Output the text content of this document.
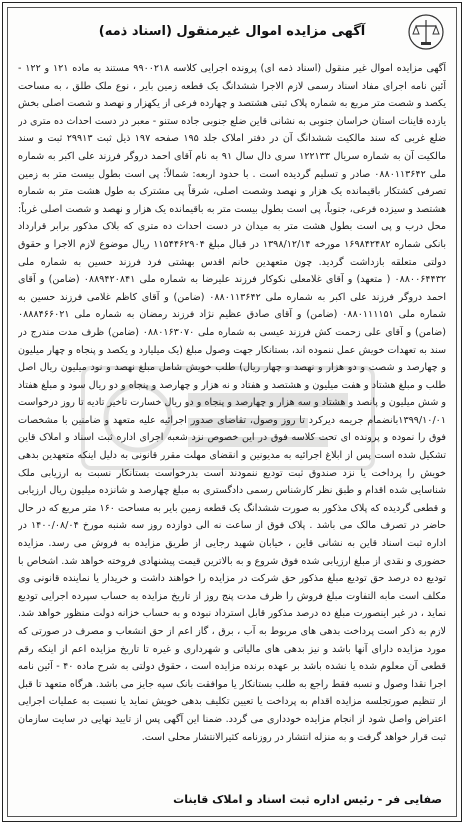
آگهی مزایده اموال غیرمنقول (اسناد ذمه)
آگهی مزایده اموال غیر منقول (اسناد ذمه ای) پرونده اجرایی کلاسه ۹۹۰۰۲۱۸ مستند به ماده ۱۲۱ و ۱۲۲ - آئین نامه اجرای مفاد اسناد رسمی لازم الاجرا ششدانگ یک قطعه زمین بایر ، نوع ملک طلق ، به مساحت یکصد و شصت متر مربع به شماره پلاک ثبتی هشتصد و چهارده فرعی از یکهزار و نهصد و شصت اصلی بخش یازده قاینات استان خراسان جنوبی به نشانی قاین ضلع جنوبی جاده ستنو - معبر در دست احداث ده متری در ضلع غربی که سند مالکیت ششدانگ آن در دفتر املاک جلد ۱۹۵ صفحه ۱۹۷ ذیل ثبت ۲۹۹۱۳ ثبت و سند مالکیت آن به شماره سریال ۱۲۲۱۳۳ سری دال سال ۹۱ به نام آقای احمد دروگر فرزند علی اکبر به شماره ملی ۰۸۸۰۱۱۳۶۴۲ صادر و تسلیم گردیده است . با حدود اربعه: شمالاً: پی است بطول بیست متر به زمین تصرفی کشتکار باقیمانده یک هزار و نهصد وشصت اصلی، شرقاً پی مشترک به طول هشت متر به شماره هشتصد و سیزده فرعی، جنوباً، پی است بطول بیست متر به باقیمانده یک هزار و نهصد و شصت اصلی غرباً: محل درب و پی است بطول هشت متر به میدان در دست احداث ده متری که بلاک مذکور برابر قرارداد بانکی شماره ۱۶۹۸۴۲۴۸۲ مورخه ۱۳۹۸/۱۲/۱۴ در قبال مبلغ ۱۱۵۴۴۶۲۹۰۴ ریال موضوع لازم الاجرا و حقوق دولتی متعلقه بازداشت گردید. چون متعهدین خانم اقدس بهشتی فرد فرزند حسین به شماره ملی ۰۸۸۰۰۶۴۴۳۲ ( متعهد) و آقای غلامعلی نکوکار فرزند علیرضا به شماره ملی ۰۸۸۹۴۲۰۸۴۱ (ضامن) و آقای احمد دروگر فرزند علی اکبر به شماره ملی ۰۸۸۰۱۱۳۶۴۲ (ضامن) و آقای کاظم غلامی فرزند حسین به شماره ملی ۰۸۸۰۱۱۱۱۵۱ (ضامن) و آقای صادق عظیم نژاد فرزند رمضان به شماره ملی ۰۸۸۸۴۶۶۰۲۱ (ضامن) و آقای علی زحمت کش فرزند عیسی به شماره ملی ۰۸۸۰۱۶۳۰۷۰ (ضامن) ظرف مدت مندرج در سند به تعهدات خویش عمل ننموده اند، بستانکار جهت وصول مبلغ (یک میلیارد و یکصد و پنجاه و چهار میلیون و چهارصد و شصت و دو هزار و نهصد و چهار ریال) طلب خویش شامل مبلغ نهصد و نود میلیون ریال اصل طلب و مبلغ هشتاد و هفت میلیون و هشتصد و هفتاد و نه هزار و چهارصد و پنجاه و دو ریال سود و مبلغ هفتاد و شش میلیون و پانصد و هشتاد و سه هزار و چهارصد و پنجاه و دو ریال خسارت تاخیر تادیه تا روز درخواست ۱۳۹۹/۱۰/۰۱بانضمام جریمه دیرکرد تا روز وصول، تقاضای صدور اجرائیه علیه متعهد و ضامنین با مشخصات فوق را نموده و پرونده ای تحت کلاسه فوق در این خصوص نزد شعبه اجرای اداره ثبت اسناد و املاک قاین تشکیل شده است پس از ابلاغ اجرائیه به مدیونین و انقضای مهلت مقرر قانونی به دلیل اینکه متعهدین بدهی خویش را پرداخت یا نزد صندوق ثبت تودیع ننمودند است بدرخواست بستانکار نسبت به ارزیابی ملک شناسایی شده اقدام و طبق نظر کارشناس رسمی دادگستری به مبلغ چهارصد و شانزده میلیون ریال ارزیابی و قطعی گردیده که پلاک مذکور به صورت ششدانگ یک قطعه زمین بایر به مساحت ۱۶۰ متر مربع که در حال حاضر در تصرف مالک می باشد . پلاک فوق از ساعت نه الی دوازده روز سه شنبه مورخ ۱۴۰۰/۰۸/۰۴ در اداره ثبت اسناد قاین به نشانی قاین ، خیابان شهید رجایی از طریق مزایده به فروش می رسد. مزایده حضوری و نقدی از مبلغ ارزیابی شده فوق شروع و به بالاترین قیمت پیشنهادی فروخته خواهد شد. اشخاص با تودیع ده درصد حق تودیع مبلغ مذکور حق شرکت در مزایده را خواهند داشت و خریدار یا نماینده قانونی وی مکلف است مابه التفاوت مبلغ فروش را ظرف مدت پنج روز از تاریخ مزایده به حساب سپرده اجرایی تودیع نماید ، در غیر اینصورت مبلغ ده درصد مذکور قابل استرداد نبوده و به حساب خزانه دولت منظور خواهد شد. لازم به ذکر است پرداخت بدهی های مربوط به آب ، برق ، گاز اعم از حق انشعاب و مصرف در صورتی که مورد مزایده دارای آنها باشد و نیز بدهی های مالیاتی و شهرداری و غیره تا تاریخ مزایده اعم از اینکه رقم قطعی آن معلوم شده یا نشده باشد بر عهده برنده مزایده است ، حقوق دولتی به شرح ماده ۴۰ - آئین نامه اجرا نقدا وصول و نسبه فقط راجع به طلب بستانکار یا موافقت بانک سپه جایز می باشد. هرگاه متعهد تا قبل از تنظیم صورتجلسه مزایده اقدام به پرداخت یا تعیین تکلیف بدهی خویش نماید یا نسبت به عملیات اجرایی اعتراض واصل شود از انجام مزایده خودداری می گردد. ضمنا این آگهی پس از تایید نهایی در سایت سازمان ثبت قرار خواهد گرفت و به منزله انتشار در روزنامه کثیرالانتشار محلی است.
صفایی فر - رئیس اداره ثبت اسناد و املاک قاینات
